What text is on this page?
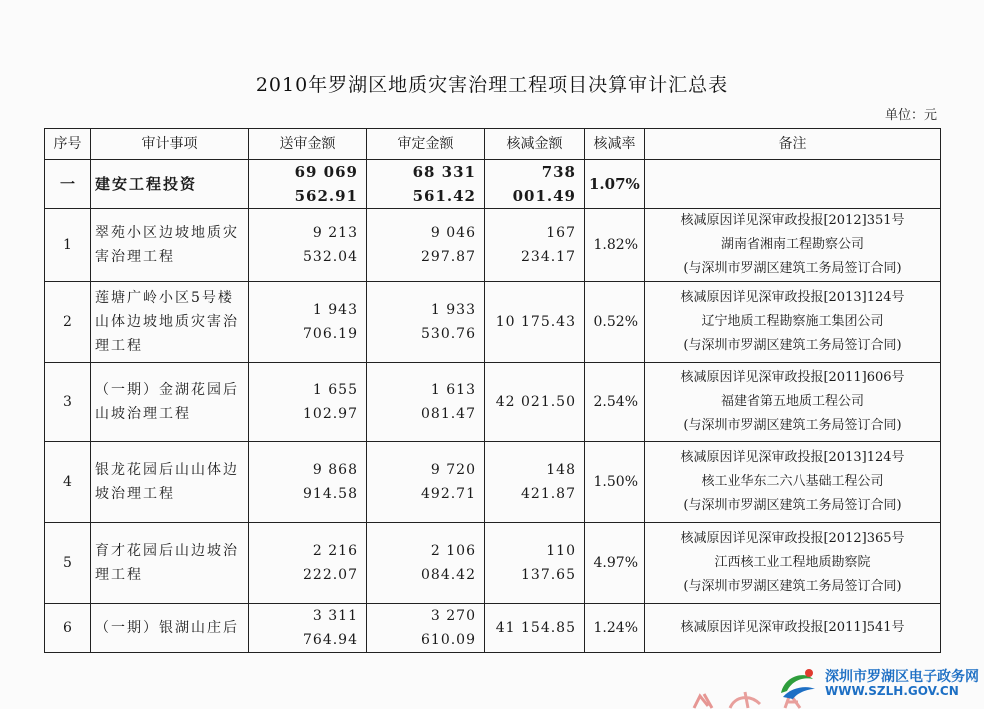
2010年罗湖区地质灾害治理工程项目决算审计汇总表
单位：元
序号	审计事项	送审金额	审定金额	核减金额	核减率	备注
一	建安工程投资	69 069 562.91	68 331 561.42	738 001.49	1.07%	
1	翠苑小区边坡地质灾害治理工程	9 213 532.04	9 046 297.87	167 234.17	1.82%	核减原因详见深审政投报[2012]351号
湖南省湘南工程勘察公司
(与深圳市罗湖区建筑工务局签订合同)

2	莲塘广岭小区5号楼山体边坡地质灾害治理工程	1 943 706.19	1 933 530.76	10 175.43	0.52%	核减原因详见深审政投报[2013]124号
辽宁地质工程勘察施工集团公司
(与深圳市罗湖区建筑工务局签订合同)

3	（一期）金湖花园后山坡治理工程	1 655 102.97	1 613 081.47	42 021.50	2.54%	核减原因详见深审政投报[2011]606号
福建省第五地质工程公司
(与深圳市罗湖区建筑工务局签订合同)

4	银龙花园后山山体边坡治理工程	9 868 914.58	9 720 492.71	148 421.87	1.50%	核减原因详见深审政投报[2013]124号
核工业华东二六八基础工程公司
(与深圳市罗湖区建筑工务局签订合同)

5	育才花园后山边坡治理工程	2 216 222.07	2 106 084.42	110 137.65	4.97%	核减原因详见深审政投报[2012]365号
江西核工业工程地质勘察院
(与深圳市罗湖区建筑工务局签订合同)

6	（一期）银湖山庄后	3 311 764.94	3 270 610.09	41 154.85	1.24%	核减原因详见深审政投报[2011]541号
深圳市罗湖区电子政务网
WWW.SZLH.GOV.CN
